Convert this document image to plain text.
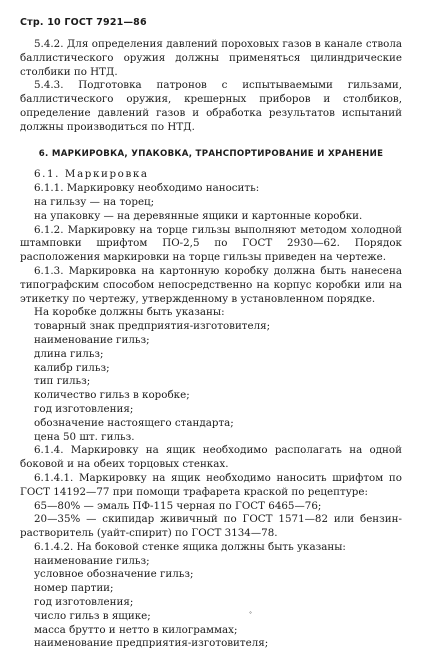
Стр. 10 ГОСТ 7921—86

5.4.2. Для определения давлений пороховых газов в канале ствола баллистического оружия должны применяться цилиндрические столбики по НТД.

5.4.3. Подготовка патронов с испытываемыми гильзами, баллистического оружия, крешерных приборов и столбиков, определение давлений газов и обработка результатов испытаний должны производиться по НТД.

6. МАРКИРОВКА, УПАКОВКА, ТРАНСПОРТИРОВАНИЕ И ХРАНЕНИЕ

6.1. Маркировка

6.1.1. Маркировку необходимо наносить:

на гильзу — на торец;

на упаковку — на деревянные ящики и картонные коробки.

6.1.2. Маркировку на торце гильзы выполняют методом холодной штамповки шрифтом ПО-2,5 по ГОСТ 2930—62. Порядок расположения маркировки на торце гильзы приведен на чертеже.

6.1.3. Маркировка на картонную коробку должна быть нанесена типографским способом непосредственно на корпус коробки или на этикетку по чертежу, утвержденному в установленном порядке.

На коробке должны быть указаны:

товарный знак предприятия-изготовителя;

наименование гильз;

длина гильз;

калибр гильз;

тип гильз;

количество гильз в коробке;

год изготовления;

обозначение настоящего стандарта;

цена 50 шт. гильз.

6.1.4. Маркировку на ящик необходимо располагать на одной боковой и на обеих торцовых стенках.

6.1.4.1. Маркировку на ящик необходимо наносить шрифтом по ГОСТ 14192—77 при помощи трафарета краской по рецептуре:

65—80% — эмаль ПФ-115 черная по ГОСТ 6465—76;

20—35% — скипидар живичный по ГОСТ 1571—82 или бензин-растворитель (уайт-спирит) по ГОСТ 3134—78.

6.1.4.2. На боковой стенке ящика должны быть указаны:

наименование гильз;

условное обозначение гильз;

номер партии;

год изготовления;

число гильз в ящике;

масса брутто и нетто в килограммах;

наименование предприятия-изготовителя;

°
